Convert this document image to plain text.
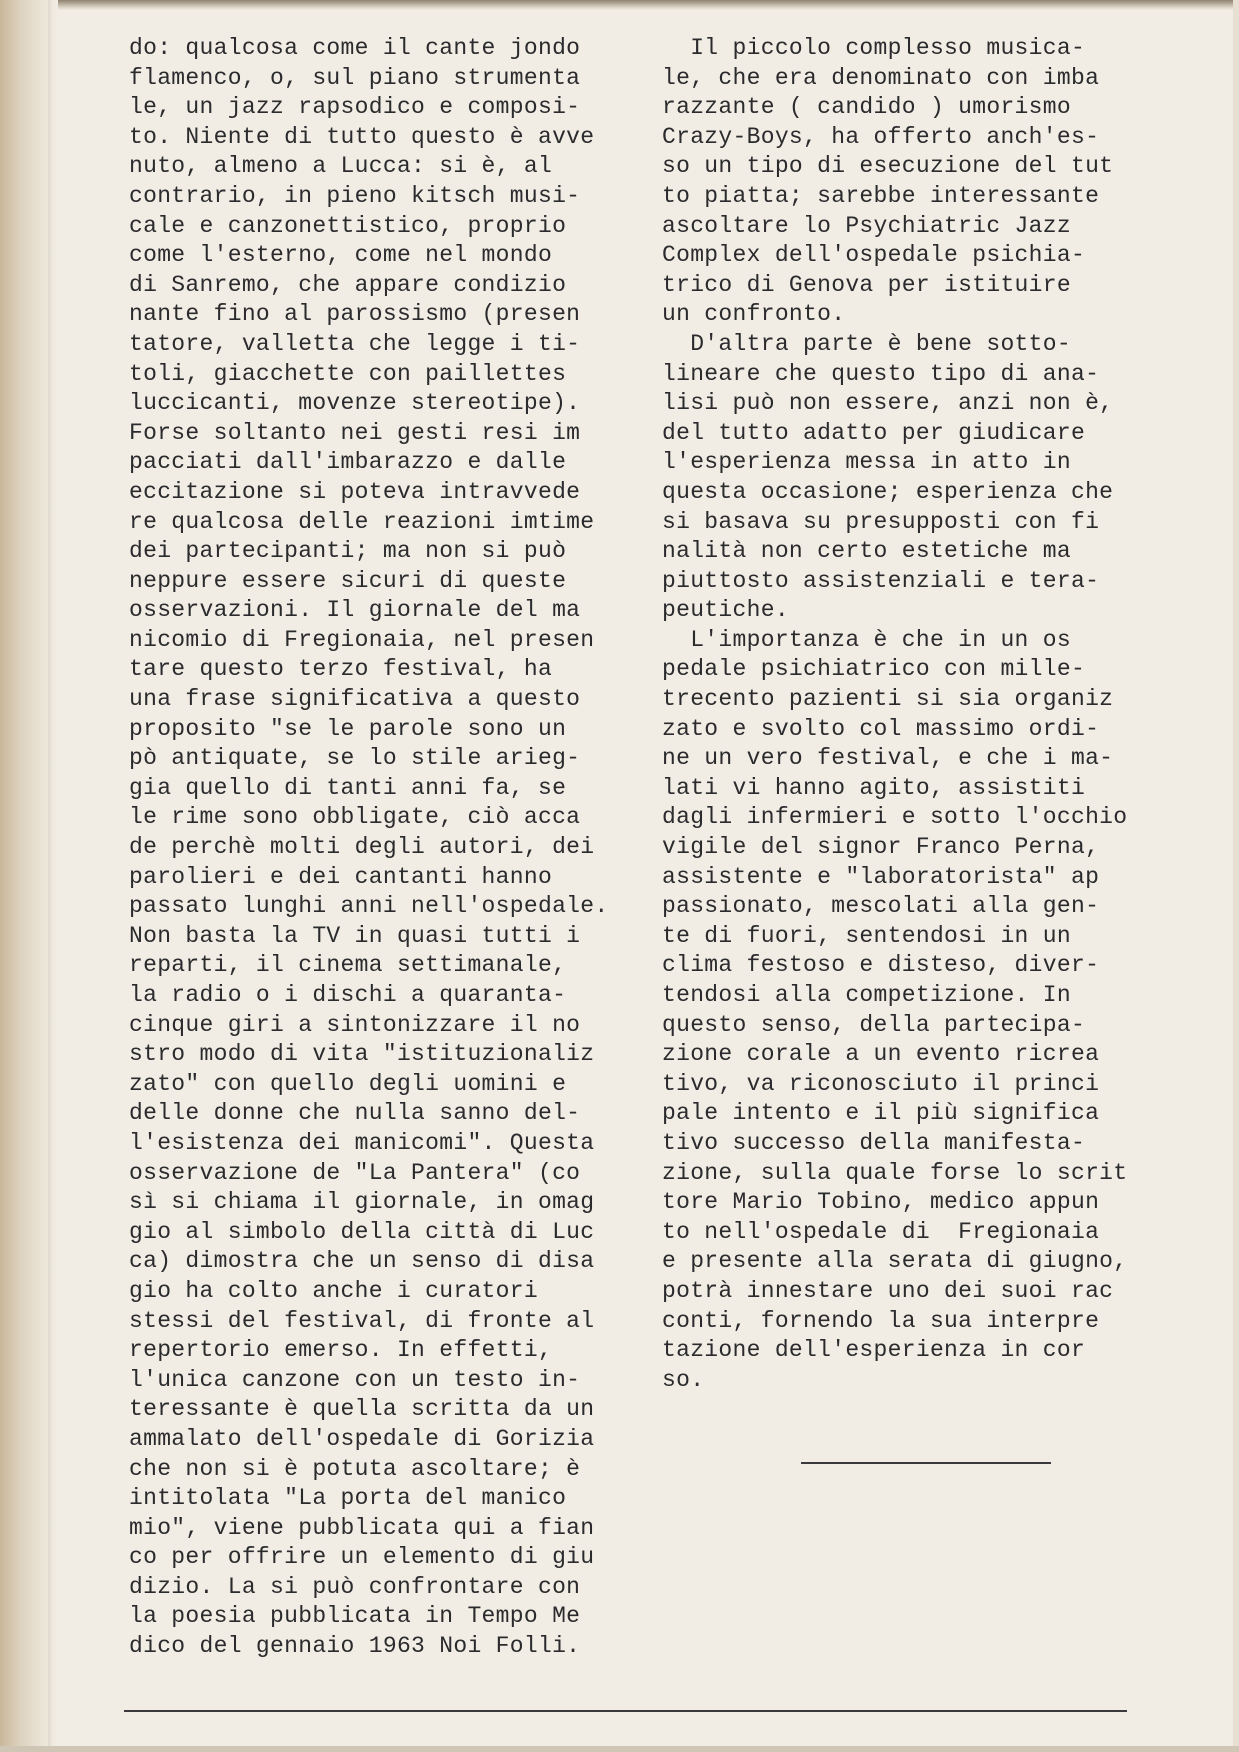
do: qualcosa come il cante jondo
flamenco, o, sul piano strumenta
le, un jazz rapsodico e composi-
to. Niente di tutto questo è avve
nuto, almeno a Lucca: si è, al
contrario, in pieno kitsch musi-
cale e canzonettistico, proprio
come l'esterno, come nel mondo
di Sanremo, che appare condizio
nante fino al parossismo (presen
tatore, valletta che legge i ti-
toli, giacchette con paillettes
luccicanti, movenze stereotipe).
Forse soltanto nei gesti resi im
pacciati dall'imbarazzo e dalle
eccitazione si poteva intravvede
re qualcosa delle reazioni imtime
dei partecipanti; ma non si può
neppure essere sicuri di queste
osservazioni. Il giornale del ma
nicomio di Fregionaia, nel presen
tare questo terzo festival, ha
una frase significativa a questo
proposito "se le parole sono un
pò antiquate, se lo stile arieg-
gia quello di tanti anni fa, se
le rime sono obbligate, ciò acca
de perchè molti degli autori, dei
parolieri e dei cantanti hanno
passato lunghi anni nell'ospedale.
Non basta la TV in quasi tutti i
reparti, il cinema settimanale,
la radio o i dischi a quaranta-
cinque giri a sintonizzare il no
stro modo di vita "istituzionaliz
zato" con quello degli uomini e
delle donne che nulla sanno del-
l'esistenza dei manicomi". Questa
osservazione de "La Pantera" (co
sì si chiama il giornale, in omag
gio al simbolo della città di Luc
ca) dimostra che un senso di disa
gio ha colto anche i curatori
stessi del festival, di fronte al
repertorio emerso. In effetti,
l'unica canzone con un testo in-
teressante è quella scritta da un
ammalato dell'ospedale di Gorizia
che non si è potuta ascoltare; è
intitolata "La porta del manico
mio", viene pubblicata qui a fian
co per offrire un elemento di giu
dizio. La si può confrontare con
la poesia pubblicata in Tempo Me
dico del gennaio 1963 Noi Folli.
Il piccolo complesso musica-
le, che era denominato con imba
razzante ( candido ) umorismo
Crazy-Boys, ha offerto anch'es-
so un tipo di esecuzione del tut
to piatta; sarebbe interessante
ascoltare lo Psychiatric Jazz
Complex dell'ospedale psichia-
trico di Genova per istituire
un confronto.
D'altra parte è bene sotto-
lineare che questo tipo di ana-
lisi può non essere, anzi non è,
del tutto adatto per giudicare
l'esperienza messa in atto in
questa occasione; esperienza che
si basava su presupposti con fi
nalità non certo estetiche ma
piuttosto assistenziali e tera-
peutiche.
L'importanza è che in un os
pedale psichiatrico con mille-
trecento pazienti si sia organiz
zato e svolto col massimo ordi-
ne un vero festival, e che i ma-
lati vi hanno agito, assistiti
dagli infermieri e sotto l'occhio
vigile del signor Franco Perna,
assistente e "laboratorista" ap
passionato, mescolati alla gen-
te di fuori, sentendosi in un
clima festoso e disteso, diver-
tendosi alla competizione. In
questo senso, della partecipa-
zione corale a un evento ricrea
tivo, va riconosciuto il princi
pale intento e il più significa
tivo successo della manifesta-
zione, sulla quale forse lo scrit
tore Mario Tobino, medico appun
to nell'ospedale di  Fregionaia
e presente alla serata di giugno,
potrà innestare uno dei suoi rac
conti, fornendo la sua interpre
tazione dell'esperienza in cor
so.
